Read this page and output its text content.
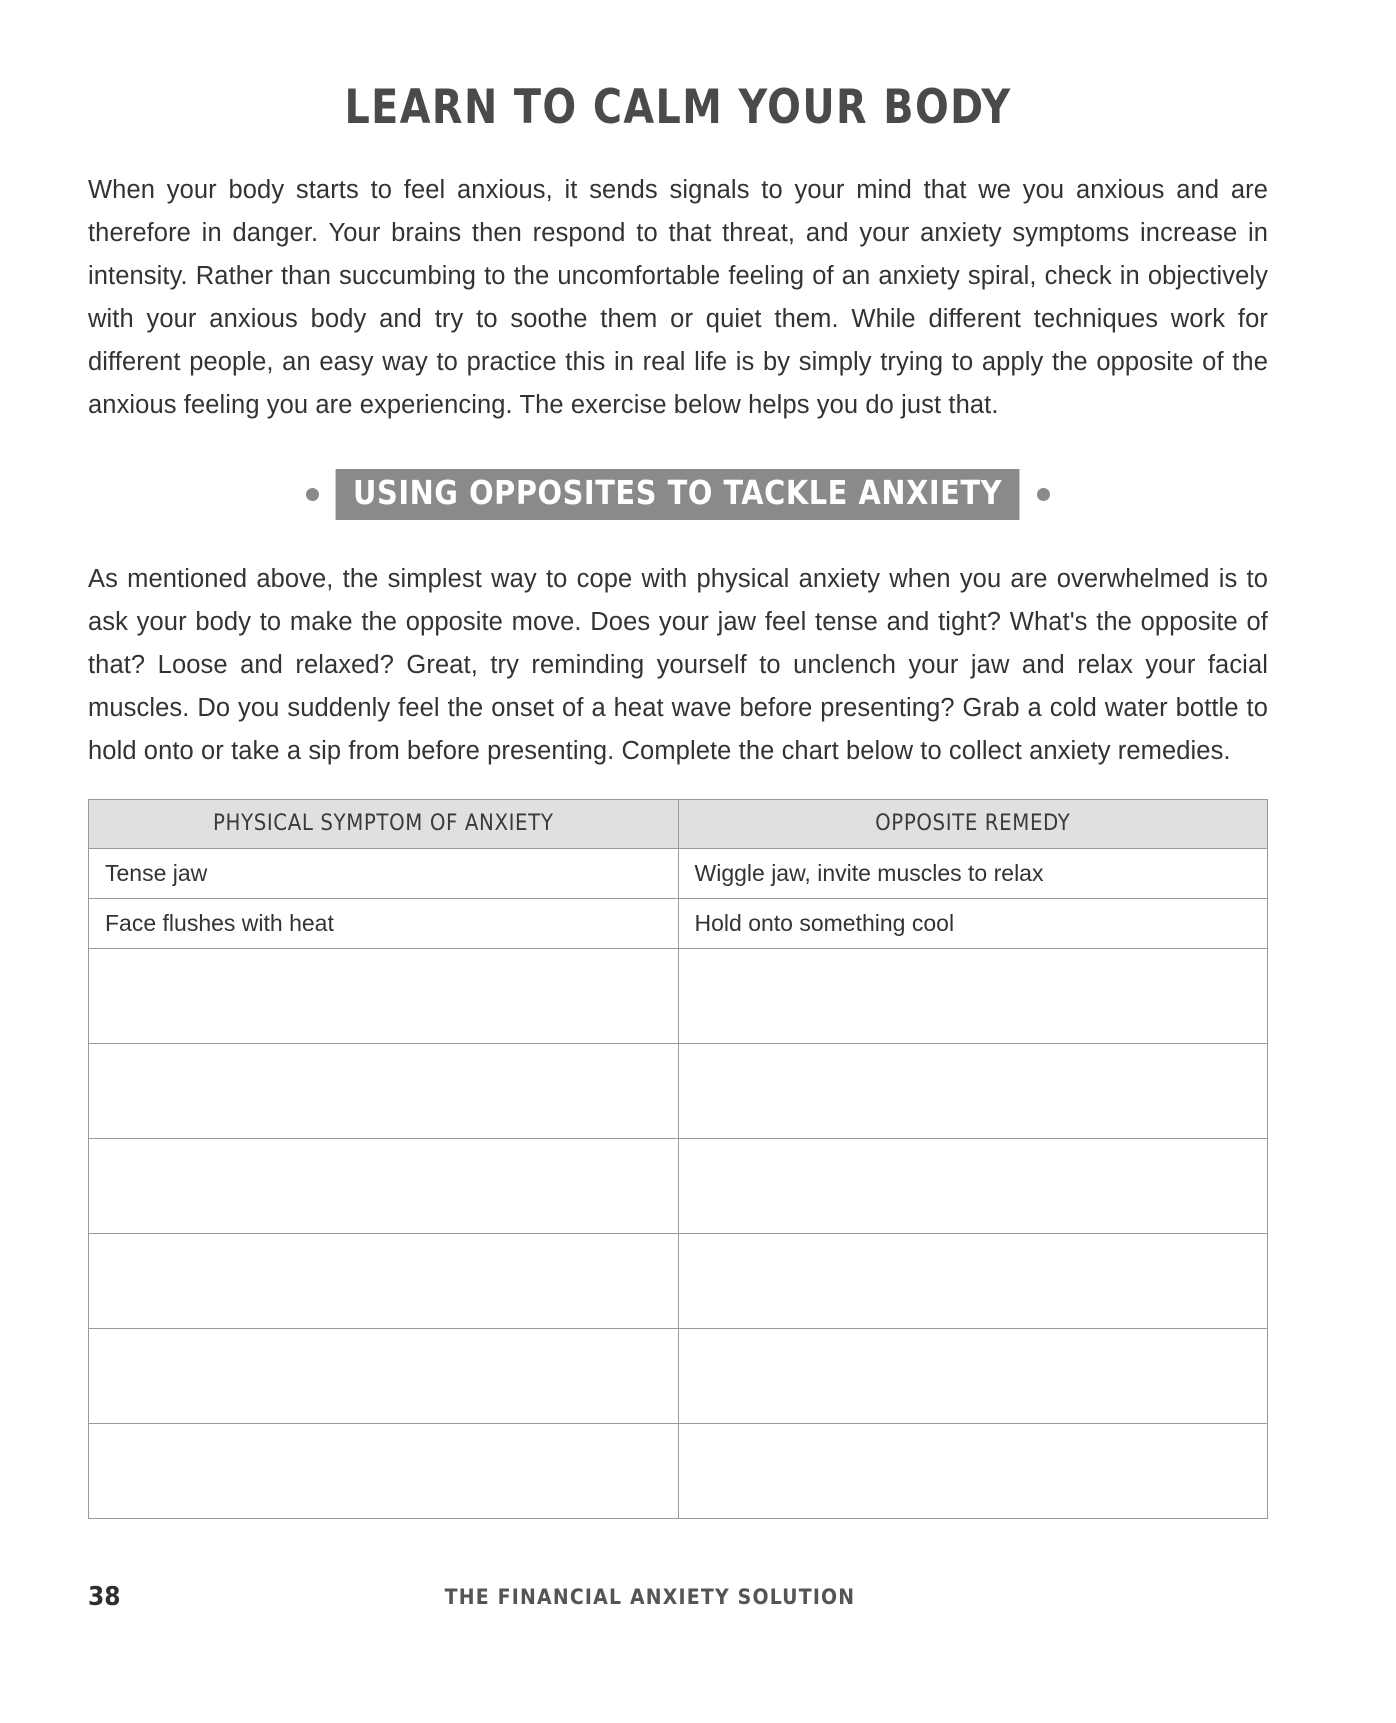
LEARN TO CALM YOUR BODY

When your body starts to feel anxious, it sends signals to your mind that we you anxious and are therefore in danger. Your brains then respond to that threat, and your anxiety symptoms increase in intensity. Rather than succumbing to the uncomfortable feeling of an anxiety spiral, check in objectively with your anxious body and try to soothe them or quiet them. While different techniques work for different people, an easy way to practice this in real life is by simply trying to apply the opposite of the anxious feeling you are experiencing. The exercise below helps you do just that.

USING OPPOSITES TO TACKLE ANXIETY

As mentioned above, the simplest way to cope with physical anxiety when you are overwhelmed is to ask your body to make the opposite move. Does your jaw feel tense and tight? What's the opposite of that? Loose and relaxed? Great, try reminding yourself to unclench your jaw and relax your facial muscles. Do you suddenly feel the onset of a heat wave before presenting? Grab a cold water bottle to hold onto or take a sip from before presenting. Complete the chart below to collect anxiety remedies.

PHYSICAL SYMPTOM OF ANXIETY	OPPOSITE REMEDY
Tense jaw	Wiggle jaw, invite muscles to relax
Face flushes with heat	Hold onto something cool

38	THE FINANCIAL ANXIETY SOLUTION
